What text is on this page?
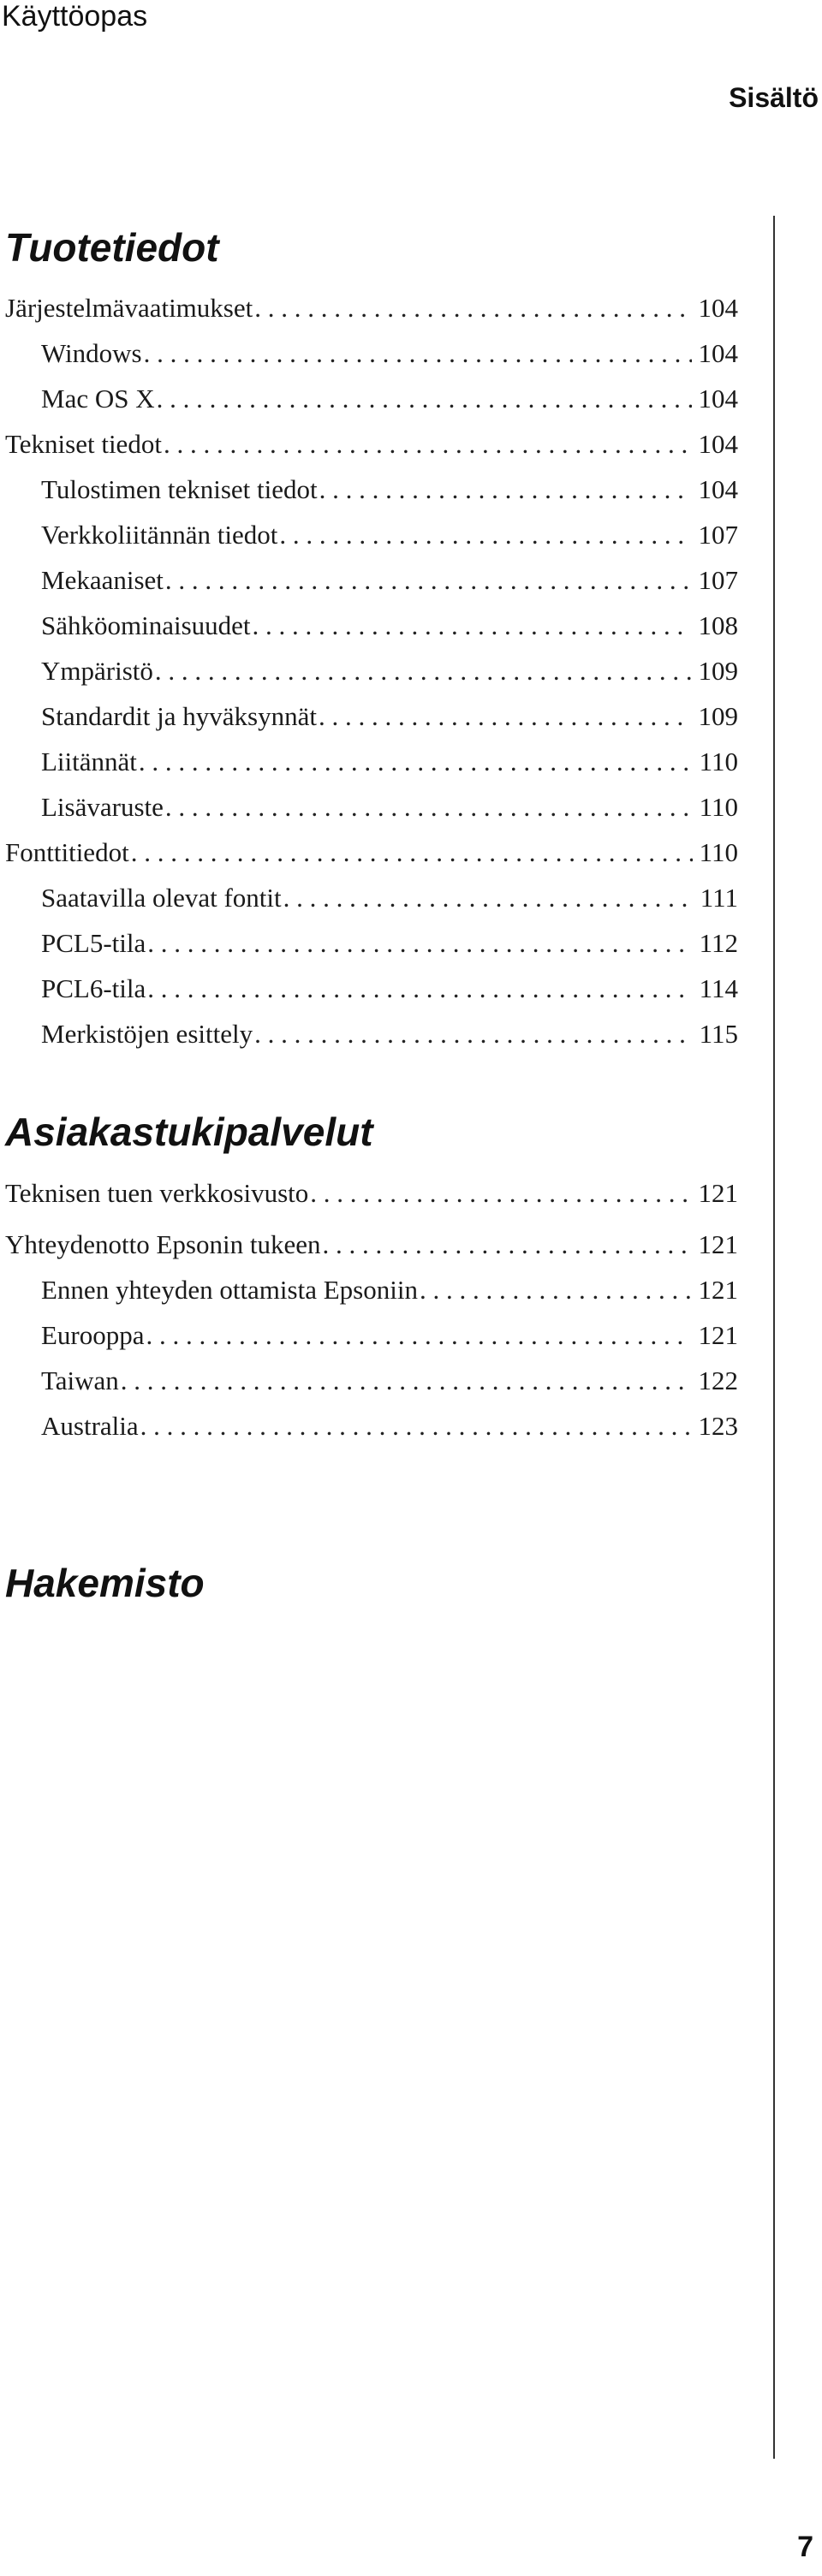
Käyttöopas
Sisältö
Tuotetiedot
Järjestelmävaatimukset . . .	104
Windows . . .	104
Mac OS X . . .	104
Tekniset tiedot . . .	104
Tulostimen tekniset tiedot . . .	104
Verkkoliitännän tiedot . . .	107
Mekaaniset . . .	107
Sähköominaisuudet . . .	108
Ympäristö . . .	109
Standardit ja hyväksynnät . . .	109
Liitännät . . .	110
Lisävaruste . . .	110
Fonttitiedot . . .	110
Saatavilla olevat fontit . . .	111
PCL5-tila . . .	112
PCL6-tila . . .	114
Merkistöjen esittely . . .	115
Asiakastukipalvelut
Teknisen tuen verkkosivusto . . .	121
Yhteydenotto Epsonin tukeen . . .	121
Ennen yhteyden ottamista Epsoniin . . .	121
Eurooppa . . .	121
Taiwan . . .	122
Australia . . .	123
Hakemisto
7
